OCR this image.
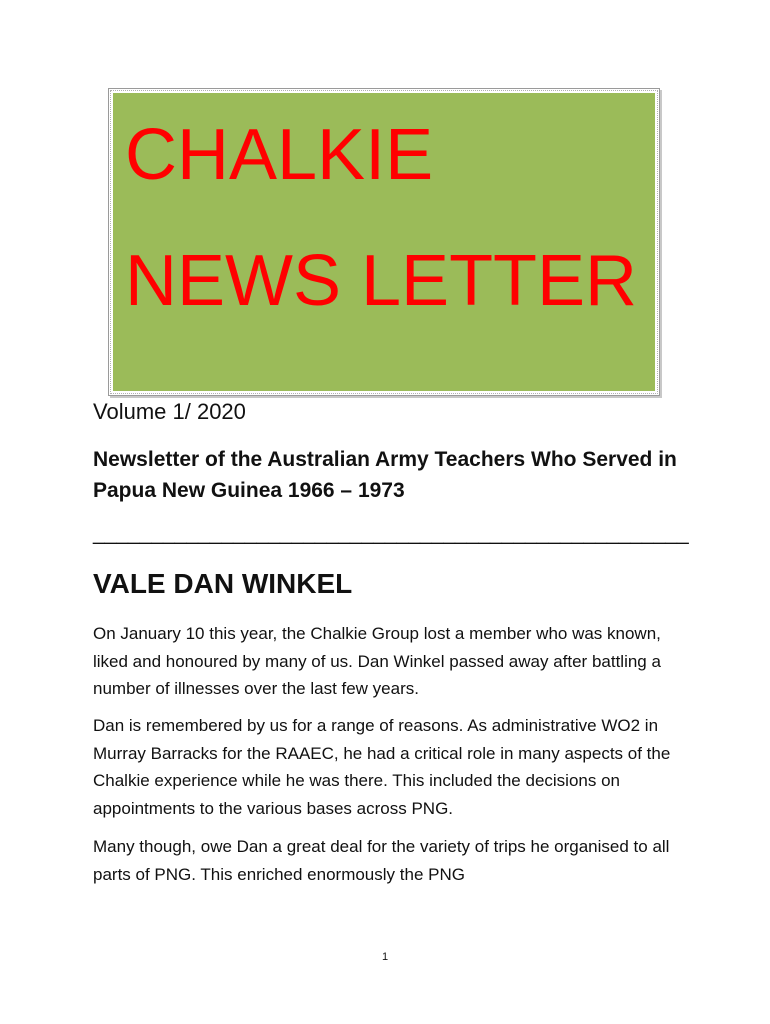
CHALKIE
NEWS LETTER
Volume 1/ 2020
Newsletter of the Australian Army Teachers Who Served in Papua New Guinea 1966 – 1973
___________________________________________________
VALE DAN WINKEL
On January 10 this year, the Chalkie Group lost a member who was known, liked and honoured by many of us. Dan Winkel passed away after battling a number of illnesses over the last few years.
Dan is remembered by us for a range of reasons. As administrative WO2 in Murray Barracks for the RAAEC, he had a critical role in many aspects of the Chalkie experience while he was there. This included the decisions on appointments to the various bases across PNG.
Many though, owe Dan a great deal for the variety of trips he organised to all parts of PNG. This enriched enormously the PNG
1
